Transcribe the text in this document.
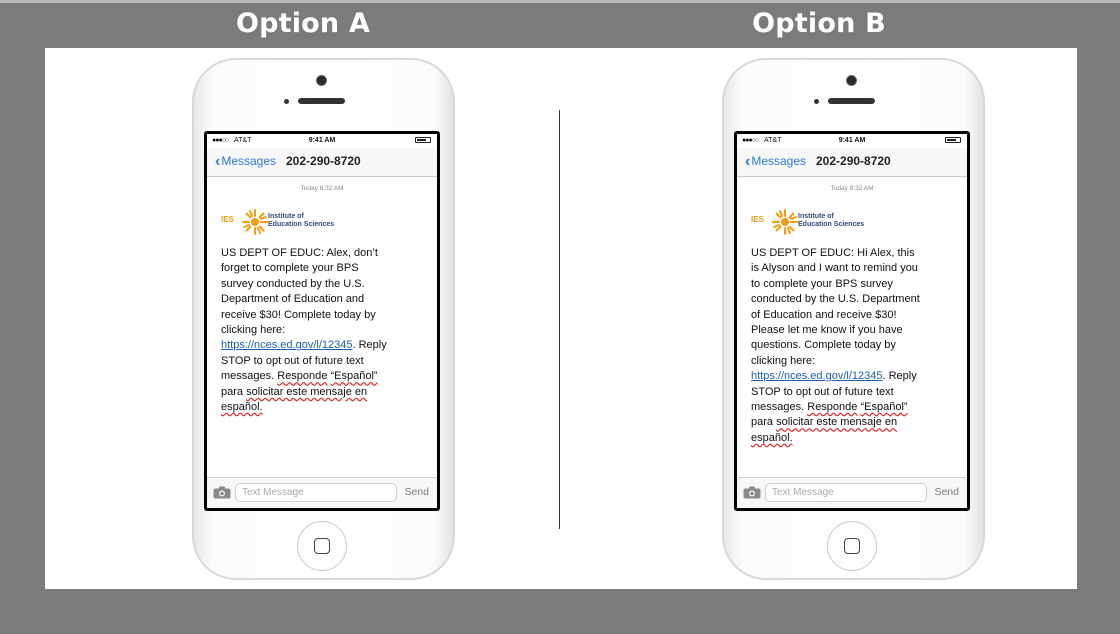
Option A	Option B
●●●○○ AT&T	9:41 AM
‹Messages 202-290-8720
Today 8:32 AM
IES	Institute of
Education Sciences
US DEPT OF EDUC: Alex, don’t forget to complete your BPS survey conducted by the U.S. Department of Education and receive $30! Complete today by clicking here: https://nces.ed.gov/l/12345. Reply STOP to opt out of future text messages. Responde “Español” para solicitar este mensaje en español.
Text Message	Send
●●●○○ AT&T	9:41 AM
‹Messages 202-290-8720
Today 8:32 AM
IES	Institute of
Education Sciences
US DEPT OF EDUC: Hi Alex, this is Alyson and I want to remind you to complete your BPS survey conducted by the U.S. Department of Education and receive $30! Please let me know if you have questions. Complete today by clicking here: https://nces.ed.gov/l/12345. Reply STOP to opt out of future text messages. Responde “Español” para solicitar este mensaje en español.
Text Message	Send
